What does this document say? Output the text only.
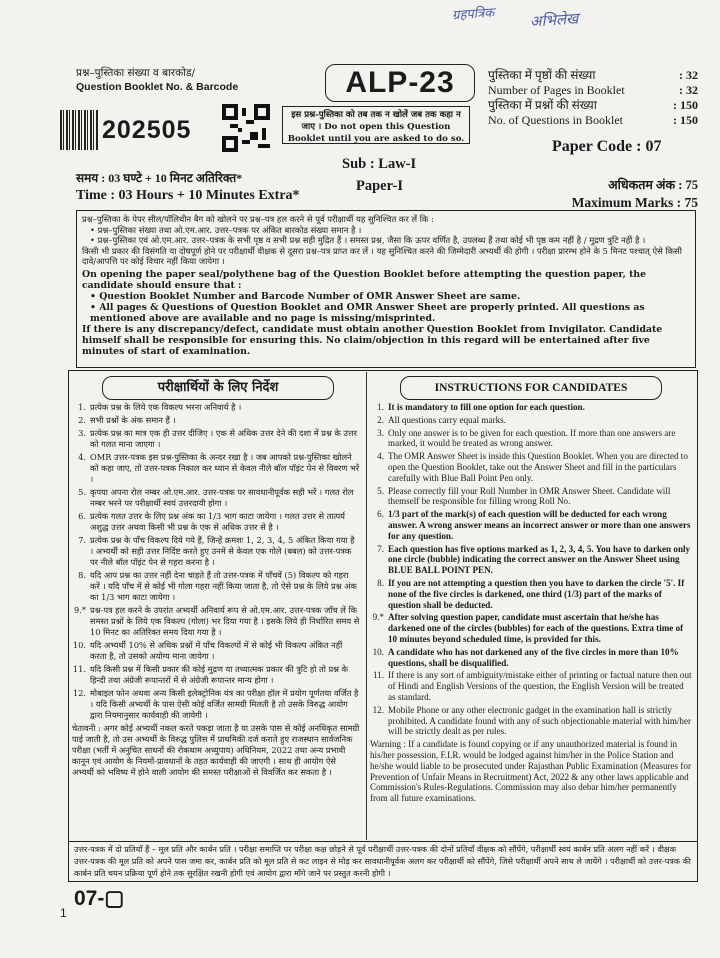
ग्रहपत्रिक अभिलेख
प्रश्न–पुस्तिका संख्या व बारकोड/
Question Booklet No. & Barcode	ALP-23
202505
इस प्रश्न-पुस्तिका को तब तक न खोलें जब तक कहा न जाए । Do not open this Question Booklet until you are asked to do so.
पुस्तिका में पृष्ठों की संख्या	: 32
Number of Pages in Booklet	: 32
पुस्तिका में प्रश्नों की संख्या	: 150
No. of Questions in Booklet	: 150
Paper Code : 07
Sub : Law-I
Paper-I
समय : 03 घण्टे + 10 मिनट अतिरिक्त*
Time : 03 Hours + 10 Minutes Extra*
अधिकतम अंक : 75
Maximum Marks : 75
प्रश्न–पुस्तिका के पेपर सील/पॉलिथीन बैग को खोलने पर प्रश्न–पत्र हल करने से पूर्व परीक्षार्थी यह सुनिश्चित कर लें कि :
• प्रश्न–पुस्तिका संख्या तथा ओ.एम.आर. उत्तर–पत्रक पर अंकित बारकोड संख्या समान है ।
• प्रश्न–पुस्तिका एवं ओ.एम.आर. उत्तर–पत्रक के सभी पृष्ठ व सभी प्रश्न सही मुद्रित हैं । समस्त प्रश्न, जैसा कि ऊपर वर्णित है, उपलब्ध हैं तथा कोई भी पृष्ठ कम नहीं है / मुद्रण त्रुटि नहीं है ।
किसी भी प्रकार की विसंगति या दोषपूर्ण होने पर परीक्षार्थी वीक्षक से दूसरा प्रश्न–पत्र प्राप्त कर लें । यह सुनिश्चित करने की जिम्मेदारी अभ्यर्थी की होगी । परीक्षा प्रारम्भ होने के 5 मिनट पश्चात् ऐसे किसी दावे/आपत्ति पर कोई विचार नहीं किया जायेगा ।
On opening the paper seal/polythene bag of the Question Booklet before attempting the question paper, the candidate should ensure that :
• Question Booklet Number and Barcode Number of OMR Answer Sheet are same.
• All pages & Questions of Question Booklet and OMR Answer Sheet are properly printed. All questions as mentioned above are available and no page is missing/misprinted.
If there is any discrepancy/defect, candidate must obtain another Question Booklet from Invigilator. Candidate himself shall be responsible for ensuring this. No claim/objection in this regard will be entertained after five minutes of start of examination.
परीक्षार्थियों के लिए निर्देश	INSTRUCTIONS FOR CANDIDATES
1. प्रत्येक प्रश्न के लिये एक विकल्प भरना अनिवार्य है ।
2. सभी प्रश्नों के अंक समान हैं ।
3. प्रत्येक प्रश्न का मात्र एक ही उत्तर दीजिए । एक से अधिक उत्तर देने की दशा में प्रश्न के उत्तर को गलत माना जाएगा ।
4. OMR उत्तर-पत्रक इस प्रश्न-पुस्तिका के अन्दर रखा है । जब आपको प्रश्न-पुस्तिका खोलने को कहा जाए, तो उत्तर-पत्रक निकाल कर ध्यान से केवल नीले बॉल पॉइंट पेन से विवरण भरें ।
5. कृपया अपना रोल नम्बर ओ.एम.आर. उत्तर-पत्रक पर सावधानीपूर्वक सही भरें । गलत रोल नम्बर भरने पर परीक्षार्थी स्वयं उत्तरदायी होगा ।
6. प्रत्येक गलत उत्तर के लिए प्रश्न अंक का 1/3 भाग काटा जायेगा । गलत उत्तर से तात्पर्य अशुद्ध उत्तर अथवा किसी भी प्रश्न के एक से अधिक उत्तर से है ।
7. प्रत्येक प्रश्न के पाँच विकल्प दिये गये हैं, जिन्हें क्रमशः 1, 2, 3, 4, 5 अंकित किया गया है । अभ्यर्थी को सही उत्तर निर्दिष्ट करते हुए उनमें से केवल एक गोले (बबल) को उत्तर-पत्रक पर नीले बॉल पॉइंट पेन से गहरा करना है ।
8. यदि आप प्रश्न का उत्तर नहीं देना चाहते हैं तो उत्तर-पत्रक में पाँचवें (5) विकल्प को गहरा करें । यदि पाँच में से कोई भी गोला गहरा नहीं किया जाता है, तो ऐसे प्रश्न के लिये प्रश्न अंक का 1/3 भाग काटा जायेगा ।
9.* प्रश्न-पत्र हल करने के उपरांत अभ्यर्थी अनिवार्य रूप से ओ.एम.आर. उत्तर-पत्रक जाँच लें कि समस्त प्रश्नों के लिये एक विकल्प (गोला) भर दिया गया है । इसके लिये ही निर्धारित समय से 10 मिनट का अतिरिक्त समय दिया गया है ।
10. यदि अभ्यर्थी 10% से अधिक प्रश्नों में पाँच विकल्पों में से कोई भी विकल्प अंकित नहीं करता है, तो उसको अयोग्य माना जायेगा ।
11. यदि किसी प्रश्न में किसी प्रकार की कोई मुद्रण या तथ्यात्मक प्रकार की त्रुटि हो तो प्रश्न के हिन्दी तथा अंग्रेजी रूपान्तरों में से अंग्रेजी रूपान्तर मान्य होगा ।
12. मोबाइल फोन अथवा अन्य किसी इलेक्ट्रोनिक यंत्र का परीक्षा हॉल में प्रयोग पूर्णतया वर्जित है । यदि किसी अभ्यर्थी के पास ऐसी कोई वर्जित सामग्री मिलती है तो उसके विरुद्ध आयोग द्वारा नियमानुसार कार्यवाही की जायेगी ।
चेतावनी : अगर कोई अभ्यर्थी नकल करते पकड़ा जाता है या उसके पास से कोई अनधिकृत सामग्री पाई जाती है, तो उस अभ्यर्थी के विरुद्ध पुलिस में प्राथमिकी दर्ज कराते हुए राजस्थान सार्वजनिक परीक्षा (भर्ती में अनुचित साधनों की रोकथाम अध्युपाय) अधिनियम, 2022 तथा अन्य प्रभावी कानून एवं आयोग के नियमों-प्रावधानों के तहत कार्यवाही की जाएगी । साथ ही आयोग ऐसे अभ्यर्थी को भविष्य में होने वाली आयोग की समस्त परीक्षाओं से विवर्जित कर सकता है ।
1. It is mandatory to fill one option for each question.
2. All questions carry equal marks.
3. Only one answer is to be given for each question. If more than one answers are marked, it would be treated as wrong answer.
4. The OMR Answer Sheet is inside this Question Booklet. When you are directed to open the Question Booklet, take out the Answer Sheet and fill in the particulars carefully with Blue Ball Point Pen only.
5. Please correctly fill your Roll Number in OMR Answer Sheet. Candidate will themself be responsible for filling wrong Roll No.
6. 1/3 part of the mark(s) of each question will be deducted for each wrong answer. A wrong answer means an incorrect answer or more than one answers for any question.
7. Each question has five options marked as 1, 2, 3, 4, 5. You have to darken only one circle (bubble) indicating the correct answer on the Answer Sheet using BLUE BALL POINT PEN.
8. If you are not attempting a question then you have to darken the circle '5'. If none of the five circles is darkened, one third (1/3) part of the marks of question shall be deducted.
9.* After solving question paper, candidate must ascertain that he/she has darkened one of the circles (bubbles) for each of the questions. Extra time of 10 minutes beyond scheduled time, is provided for this.
10. A candidate who has not darkened any of the five circles in more than 10% questions, shall be disqualified.
11. If there is any sort of ambiguity/mistake either of printing or factual nature then out of Hindi and English Versions of the question, the English Version will be treated as standard.
12. Mobile Phone or any other electronic gadget in the examination hall is strictly prohibited. A candidate found with any of such objectionable material with him/her will be strictly dealt as per rules.
Warning : If a candidate is found copying or if any unauthorized material is found in his/her possession, F.I.R. would be lodged against him/her in the Police Station and he/she would liable to be prosecuted under Rajasthan Public Examination (Measures for Prevention of Unfair Means in Recruitment) Act, 2022 & any other laws applicable and Commission's Rules-Regulations. Commission may also debar him/her permanently from all future examinations.
उत्तर-पत्रक में दो प्रतियाँ हैं – मूल प्रति और कार्बन प्रति । परीक्षा समाप्ति पर परीक्षा कक्ष छोड़ने से पूर्व परीक्षार्थी उत्तर-पत्रक की दोनों प्रतियाँ वीक्षक को सौंपेंगे, परीक्षार्थी स्वयं कार्बन प्रति अलग नहीं करें । वीक्षक उत्तर-पत्रक की मूल प्रति को अपने पास जमा कर, कार्बन प्रति को मूल प्रति से कट लाइन से मोड़ कर सावधानीपूर्वक अलग कर परीक्षार्थी को सौंपेंगे, जिसे परीक्षार्थी अपने साथ ले जायेंगे । परीक्षार्थी को उत्तर-पत्रक की कार्बन प्रति चयन प्रक्रिया पूर्ण होने तक सुरक्षित रखनी होगी एवं आयोग द्वारा माँगे जाने पर प्रस्तुत करनी होगी ।
07-▢
1
